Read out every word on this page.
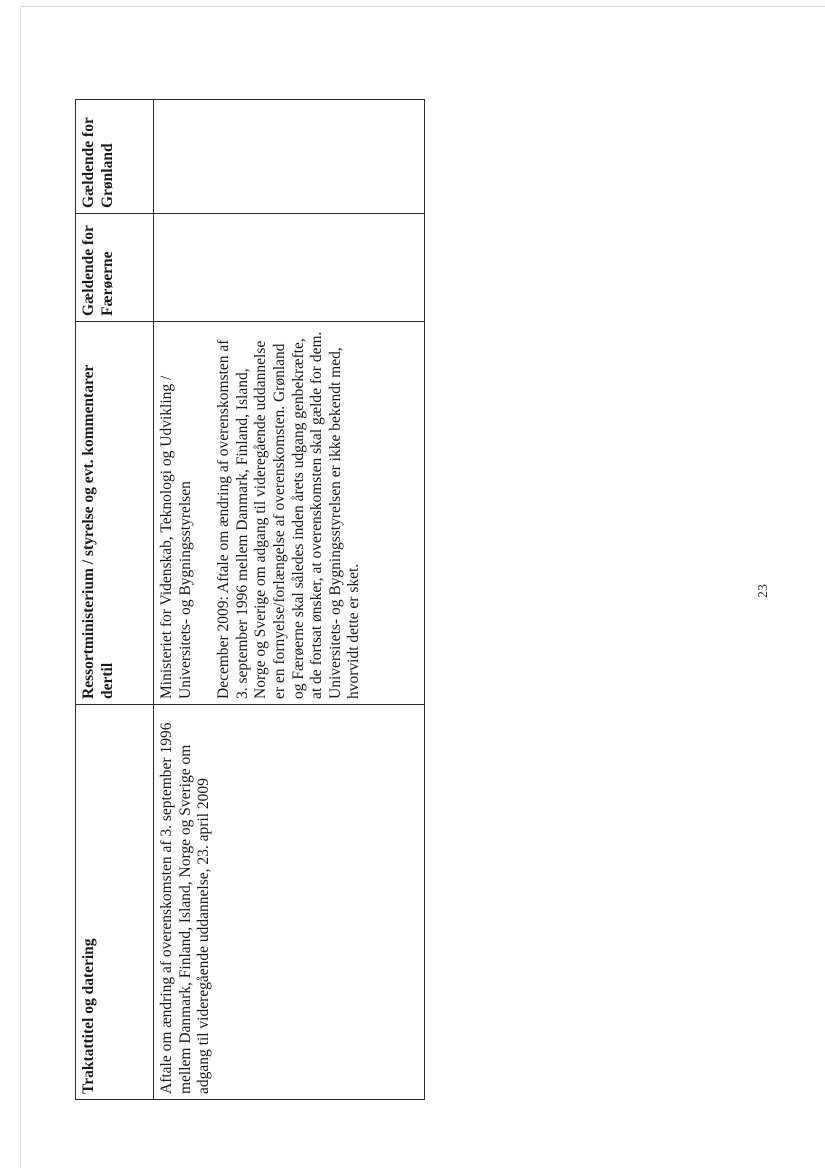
Traktattitel og datering	Ressortministerium / styrelse og evt. kommentarer dertil	Gældende for Færøerne	Gældende for Grønland
Aftale om ændring af overenskomsten af 3. september 1996 mellem Danmark, Finland, Island, Norge og Sverige om adgang til videregående uddannelse, 23. april 2009	Ministeriet for Videnskab, Teknologi og Udvikling / Universitets- og Bygningsstyrelsen December 2009: Aftale om ændring af overenskomsten af 3. september 1996 mellem Danmark, Finland, Island, Norge og Sverige om adgang til videregående uddannelse er en fornyelse/forlængelse af overenskomsten. Grønland og Færøerne skal således inden årets udgang genbekræfte, at de fortsat ønsker, at overenskomsten skal gælde for dem. Universitets- og Bygningsstyrelsen er ikke bekendt med, hvorvidt dette er sket.		

			23
